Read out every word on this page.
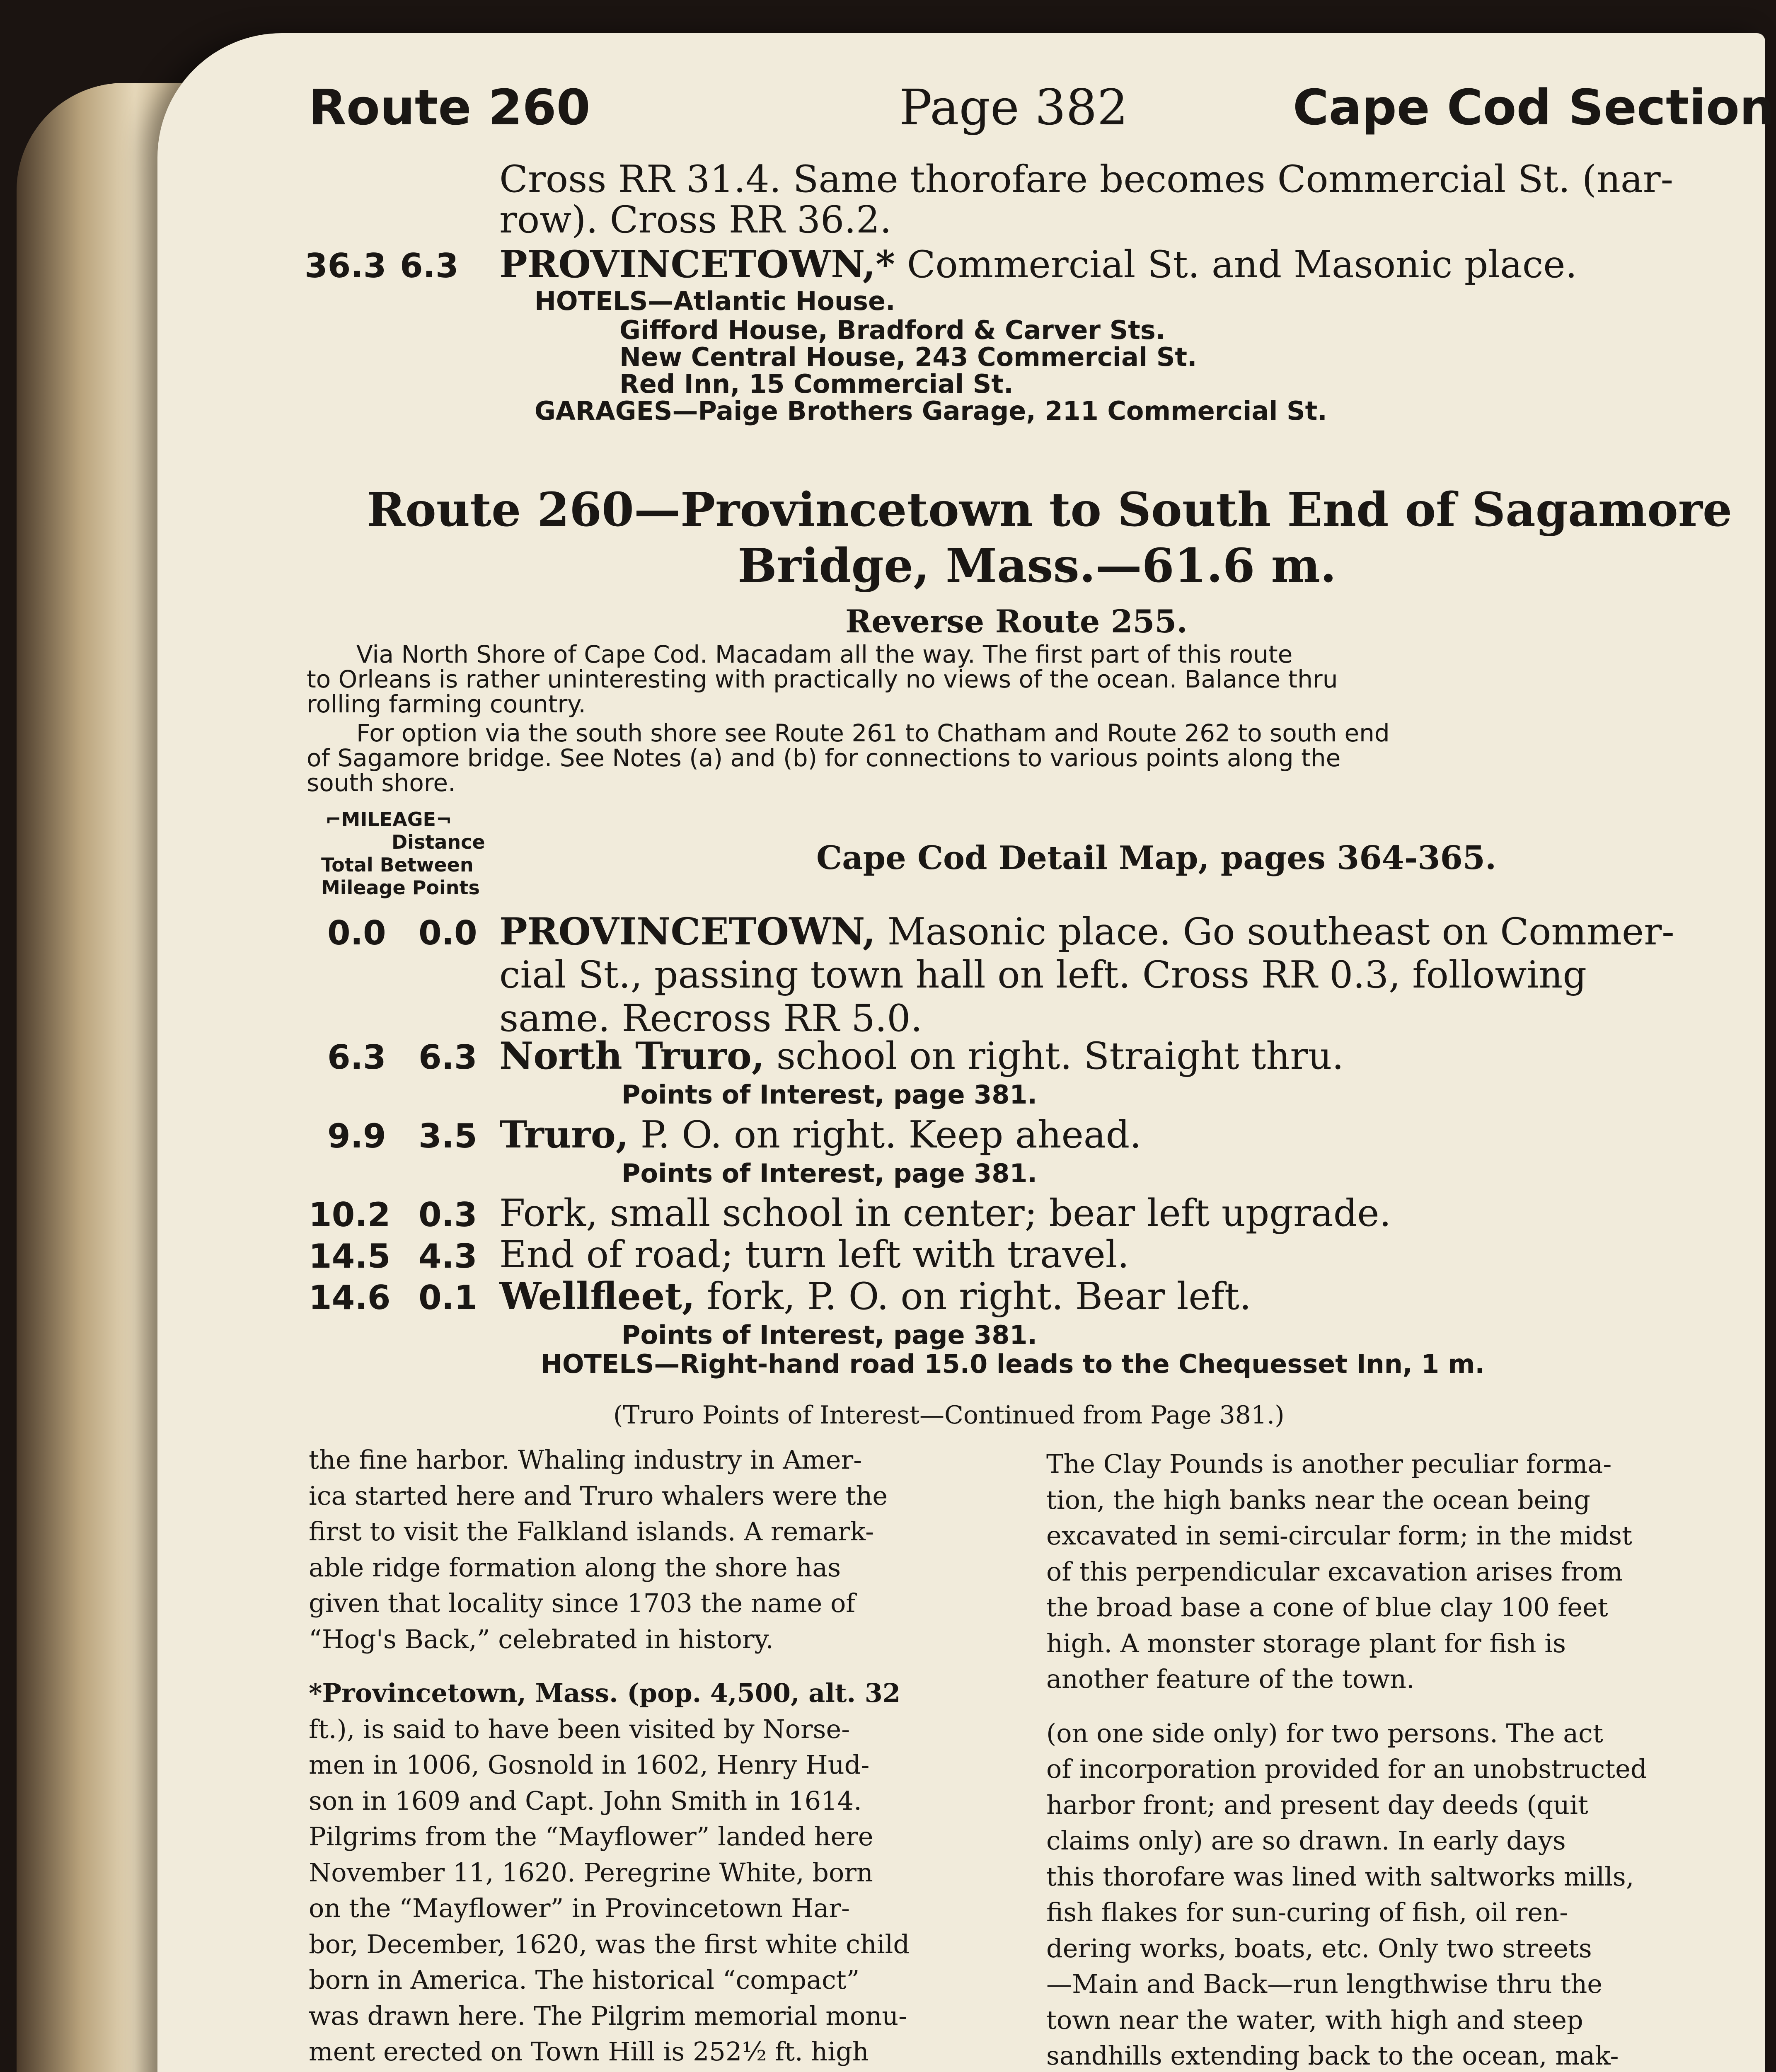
Route 260	Page 382	Cape Cod Section
Cross RR 31.4. Same thorofare becomes Commercial St. (nar-
row). Cross RR 36.2.
36.3 6.3 PROVINCETOWN,* Commercial St. and Masonic place.
HOTELS—Atlantic House.
Gifford House, Bradford & Carver Sts.
New Central House, 243 Commercial St.
Red Inn, 15 Commercial St.
GARAGES—Paige Brothers Garage, 211 Commercial St.
Route 260—Provincetown to South End of Sagamore
Bridge, Mass.—61.6 m.
Reverse Route 255.
Via North Shore of Cape Cod. Macadam all the way. The first part of this route
to Orleans is rather uninteresting with practically no views of the ocean. Balance thru
rolling farming country.
For option via the south shore see Route 261 to Chatham and Route 262 to south end
of Sagamore bridge. See Notes (a) and (b) for connections to various points along the
south shore.
⌐MILEAGE¬
Distance
Total Between
Mileage Points
Cape Cod Detail Map, pages 364-365.
0.0 0.0 PROVINCETOWN, Masonic place. Go southeast on Commer-
cial St., passing town hall on left. Cross RR 0.3, following
same. Recross RR 5.0.
6.3 6.3 North Truro, school on right. Straight thru.
Points of Interest, page 381.
9.9 3.5 Truro, P. O. on right. Keep ahead.
Points of Interest, page 381.
10.2 0.3 Fork, small school in center; bear left upgrade.
14.5 4.3 End of road; turn left with travel.
14.6 0.1 Wellfleet, fork, P. O. on right. Bear left.
Points of Interest, page 381.
HOTELS—Right-hand road 15.0 leads to the Chequesset Inn, 1 m.
(Truro Points of Interest—Continued from Page 381.)

the fine harbor. Whaling industry in Amer-

ica started here and Truro whalers were the

first to visit the Falkland islands. A remark-

able ridge formation along the shore has

given that locality since 1703 the name of

“Hog's Back,” celebrated in history.

*Provincetown, Mass. (pop. 4,500, alt. 32

ft.), is said to have been visited by Norse-

men in 1006, Gosnold in 1602, Henry Hud-

son in 1609 and Capt. John Smith in 1614.

Pilgrims from the “Mayflower” landed here

November 11, 1620. Peregrine White, born

on the “Mayflower” in Provincetown Har-

bor, December, 1620, was the first white child

born in America. The historical “compact”

was drawn here. The Pilgrim memorial monu-

ment erected on Town Hill is 252½ ft. high

The Clay Pounds is another peculiar forma-

tion, the high banks near the ocean being

excavated in semi-circular form; in the midst

of this perpendicular excavation arises from

the broad base a cone of blue clay 100 feet

high. A monster storage plant for fish is

another feature of the town.

(on one side only) for two persons. The act

of incorporation provided for an unobstructed

harbor front; and present day deeds (quit

claims only) are so drawn. In early days

this thorofare was lined with saltworks mills,

fish flakes for sun-curing of fish, oil ren-

dering works, boats, etc. Only two streets

—Main and Back—run lengthwise thru the

town near the water, with high and steep

sandhills extending back to the ocean, mak-
